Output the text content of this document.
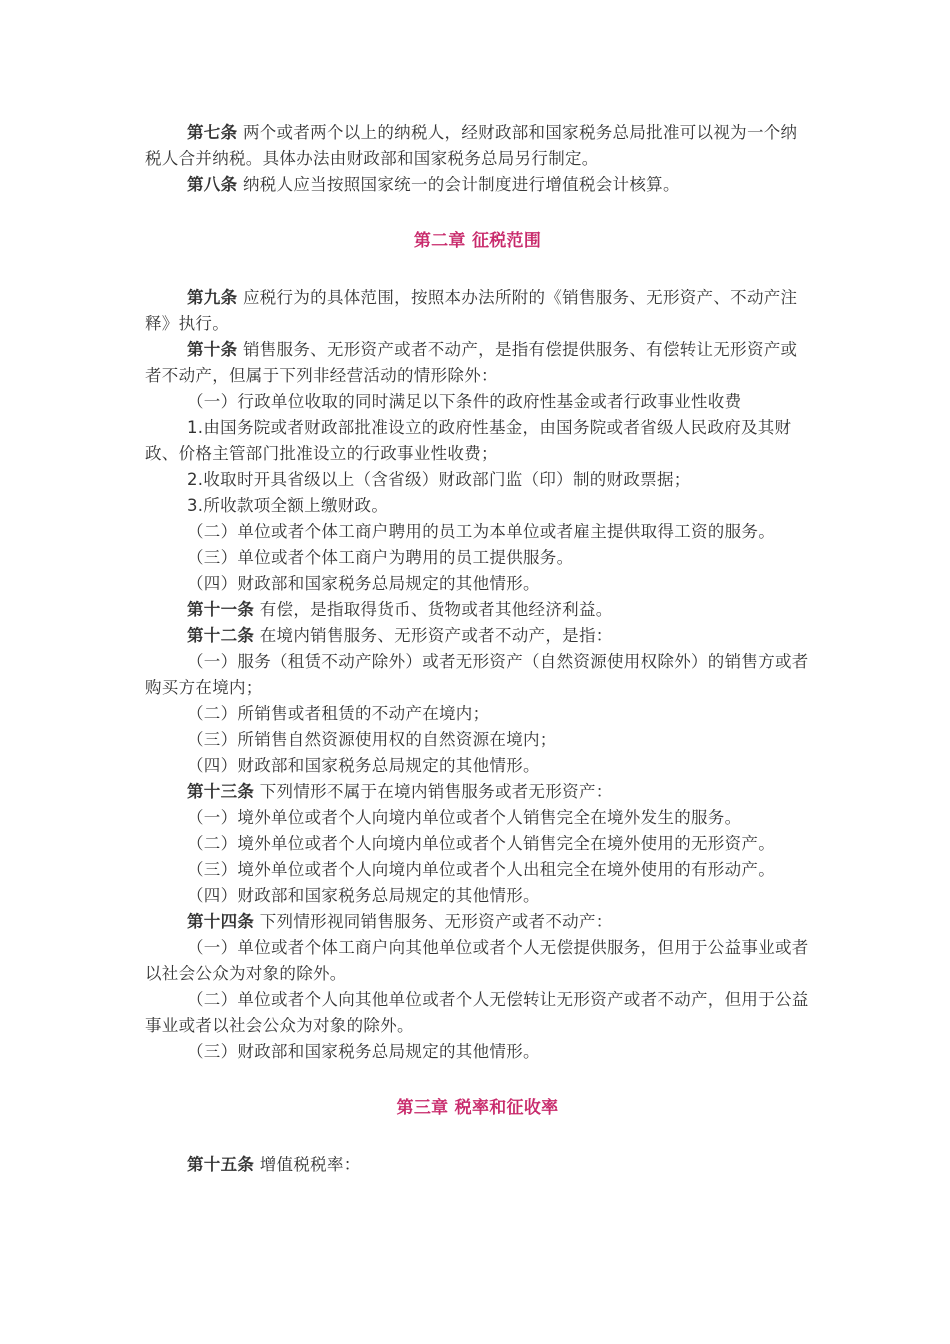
第七条 两个或者两个以上的纳税人，经财政部和国家税务总局批准可以视为一个纳税人合并纳税。具体办法由财政部和国家税务总局另行制定。

第八条 纳税人应当按照国家统一的会计制度进行增值税会计核算。

第二章 征税范围

第九条 应税行为的具体范围，按照本办法所附的《销售服务、无形资产、不动产注释》执行。

第十条 销售服务、无形资产或者不动产，是指有偿提供服务、有偿转让无形资产或者不动产，但属于下列非经营活动的情形除外：

（一）行政单位收取的同时满足以下条件的政府性基金或者行政事业性收费

1.由国务院或者财政部批准设立的政府性基金，由国务院或者省级人民政府及其财政、价格主管部门批准设立的行政事业性收费；

2.收取时开具省级以上（含省级）财政部门监（印）制的财政票据；

3.所收款项全额上缴财政。

（二）单位或者个体工商户聘用的员工为本单位或者雇主提供取得工资的服务。

（三）单位或者个体工商户为聘用的员工提供服务。

（四）财政部和国家税务总局规定的其他情形。

第十一条 有偿，是指取得货币、货物或者其他经济利益。

第十二条 在境内销售服务、无形资产或者不动产，是指：

（一）服务（租赁不动产除外）或者无形资产（自然资源使用权除外）的销售方或者购买方在境内；

（二）所销售或者租赁的不动产在境内；

（三）所销售自然资源使用权的自然资源在境内；

（四）财政部和国家税务总局规定的其他情形。

第十三条 下列情形不属于在境内销售服务或者无形资产：

（一）境外单位或者个人向境内单位或者个人销售完全在境外发生的服务。

（二）境外单位或者个人向境内单位或者个人销售完全在境外使用的无形资产。

（三）境外单位或者个人向境内单位或者个人出租完全在境外使用的有形动产。

（四）财政部和国家税务总局规定的其他情形。

第十四条 下列情形视同销售服务、无形资产或者不动产：

（一）单位或者个体工商户向其他单位或者个人无偿提供服务，但用于公益事业或者以社会公众为对象的除外。

（二）单位或者个人向其他单位或者个人无偿转让无形资产或者不动产，但用于公益事业或者以社会公众为对象的除外。

（三）财政部和国家税务总局规定的其他情形。

第三章 税率和征收率

第十五条 增值税税率：
